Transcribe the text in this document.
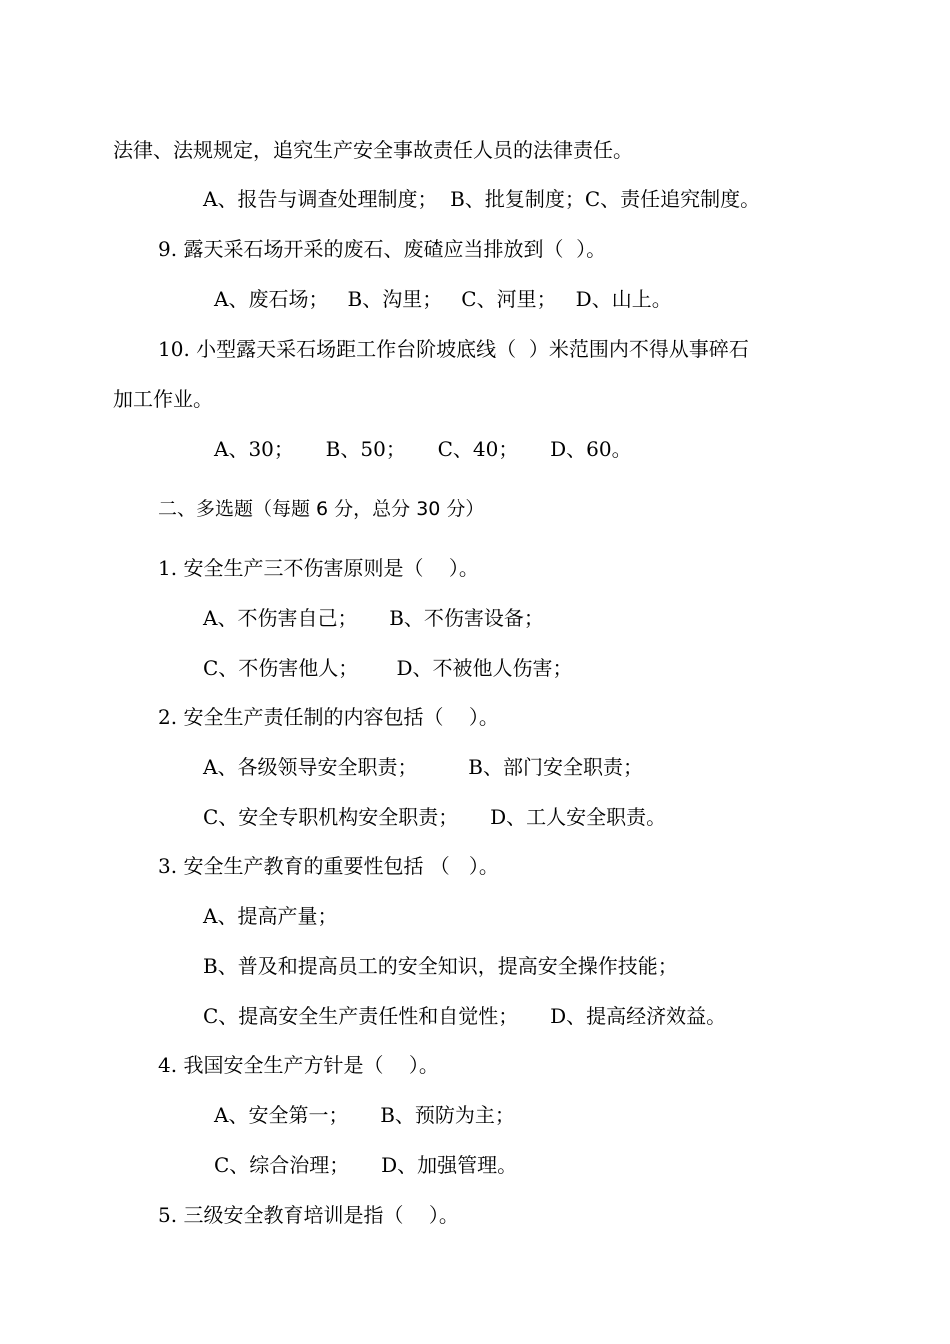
法律、法规规定，追究生产安全事故责任人员的法律责任。
A、报告与调查处理制度；  B、批复制度；C、责任追究制度。
9. 露天采石场开采的废石、废碴应当排放到（  ）。
A、废石场；   B、沟里；   C、河里；   D、山上。
10. 小型露天采石场距工作台阶坡底线（  ）米范围内不得从事碎石
加工作业。
A、30；     B、50；     C、40；     D、60。
二、多选题（每题 6 分，总分 30 分）
1. 安全生产三不伤害原则是（    ）。
A、不伤害自己；     B、不伤害设备；
C、不伤害他人；      D、不被他人伤害；
2. 安全生产责任制的内容包括（    ）。
A、各级领导安全职责；        B、部门安全职责；
C、安全专职机构安全职责；     D、工人安全职责。
3. 安全生产教育的重要性包括 （   ）。
A、提高产量；
B、普及和提高员工的安全知识，提高安全操作技能；
C、提高安全生产责任性和自觉性；     D、提高经济效益。
4. 我国安全生产方针是（    ）。
A、安全第一；     B、预防为主；
C、综合治理；     D、加强管理。
5. 三级安全教育培训是指（    ）。
